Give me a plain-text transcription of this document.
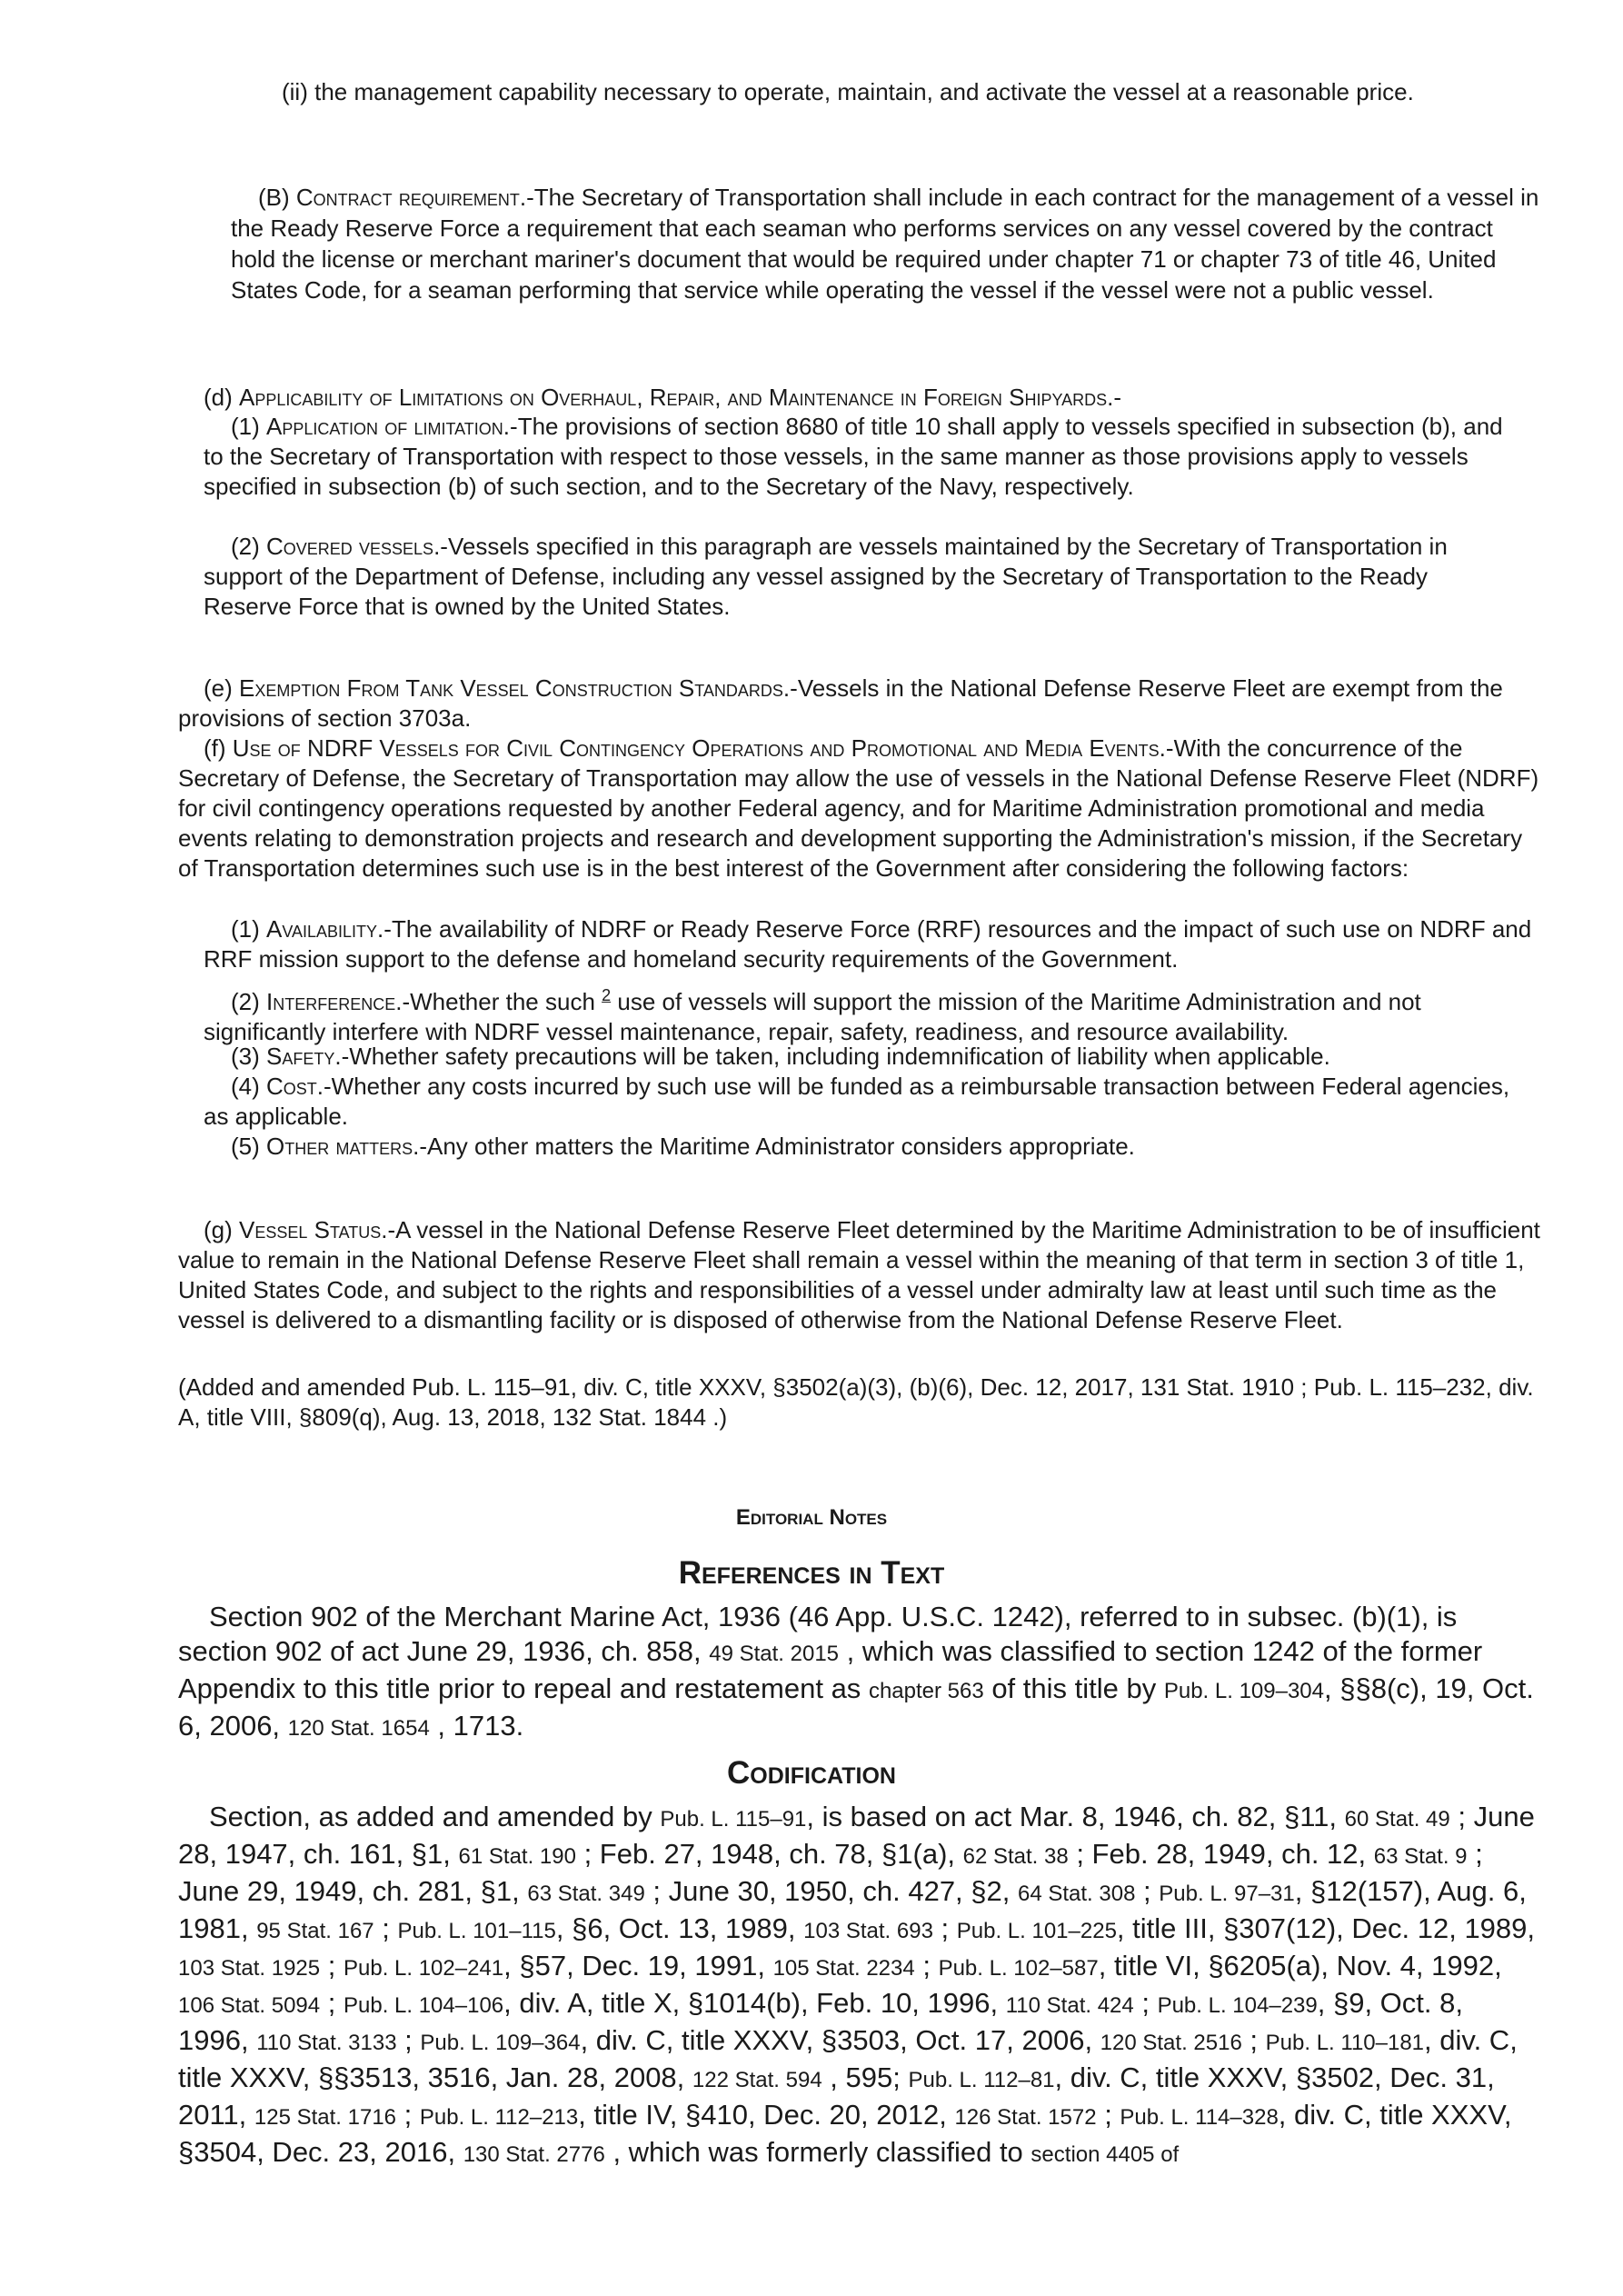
(ii) the management capability necessary to operate, maintain, and activate the vessel at a reasonable price.

(B) Contract requirement.-The Secretary of Transportation shall include in each contract for the management of a vessel in the Ready Reserve Force a requirement that each seaman who performs services on any vessel covered by the contract hold the license or merchant mariner's document that would be required under chapter 71 or chapter 73 of title 46, United States Code, for a seaman performing that service while operating the vessel if the vessel were not a public vessel.

(d) Applicability of Limitations on Overhaul, Repair, and Maintenance in Foreign Shipyards.-

(1) Application of limitation.-The provisions of section 8680 of title 10 shall apply to vessels specified in subsection (b), and to the Secretary of Transportation with respect to those vessels, in the same manner as those provisions apply to vessels specified in subsection (b) of such section, and to the Secretary of the Navy, respectively.

(2) Covered vessels.-Vessels specified in this paragraph are vessels maintained by the Secretary of Transportation in support of the Department of Defense, including any vessel assigned by the Secretary of Transportation to the Ready Reserve Force that is owned by the United States.

(e) Exemption From Tank Vessel Construction Standards.-Vessels in the National Defense Reserve Fleet are exempt from the provisions of section 3703a.

(f) Use of NDRF Vessels for Civil Contingency Operations and Promotional and Media Events.-With the concurrence of the Secretary of Defense, the Secretary of Transportation may allow the use of vessels in the National Defense Reserve Fleet (NDRF) for civil contingency operations requested by another Federal agency, and for Maritime Administration promotional and media events relating to demonstration projects and research and development supporting the Administration's mission, if the Secretary of Transportation determines such use is in the best interest of the Government after considering the following factors:

(1) Availability.-The availability of NDRF or Ready Reserve Force (RRF) resources and the impact of such use on NDRF and RRF mission support to the defense and homeland security requirements of the Government.

(2) Interference.-Whether the such $^2$ use of vessels will support the mission of the Maritime Administration and not significantly interfere with NDRF vessel maintenance, repair, safety, readiness, and resource availability.

(3) Safety.-Whether safety precautions will be taken, including indemnification of liability when applicable.

(4) Cost.-Whether any costs incurred by such use will be funded as a reimbursable transaction between Federal agencies, as applicable.

(5) Other matters.-Any other matters the Maritime Administrator considers appropriate.

(g) Vessel Status.-A vessel in the National Defense Reserve Fleet determined by the Maritime Administration to be of insufficient value to remain in the National Defense Reserve Fleet shall remain a vessel within the meaning of that term in section 3 of title 1, United States Code, and subject to the rights and responsibilities of a vessel under admiralty law at least until such time as the vessel is delivered to a dismantling facility or is disposed of otherwise from the National Defense Reserve Fleet.

(Added and amended Pub. L. 115–91, div. C, title XXXV, §3502(a)(3), (b)(6), Dec. 12, 2017, 131 Stat. 1910 ; Pub. L. 115–232, div. A, title VIII, §809(q), Aug. 13, 2018, 132 Stat. 1844 .)

Editorial Notes

References in Text

Section 902 of the Merchant Marine Act, 1936 (46 App. U.S.C. 1242), referred to in subsec. (b)(1), is section 902 of act June 29, 1936, ch. 858, 49 Stat. 2015 , which was classified to section 1242 of the former Appendix to this title prior to repeal and restatement as chapter 563 of this title by Pub. L. 109–304, §§8(c), 19, Oct. 6, 2006, 120 Stat. 1654 , 1713.

Codification

Section, as added and amended by Pub. L. 115–91, is based on act Mar. 8, 1946, ch. 82, §11, 60 Stat. 49 ; June 28, 1947, ch. 161, §1, 61 Stat. 190 ; Feb. 27, 1948, ch. 78, §1(a), 62 Stat. 38 ; Feb. 28, 1949, ch. 12, 63 Stat. 9 ; June 29, 1949, ch. 281, §1, 63 Stat. 349 ; June 30, 1950, ch. 427, §2, 64 Stat. 308 ; Pub. L. 97–31, §12(157), Aug. 6, 1981, 95 Stat. 167 ; Pub. L. 101–115, §6, Oct. 13, 1989, 103 Stat. 693 ; Pub. L. 101–225, title III, §307(12), Dec. 12, 1989, 103 Stat. 1925 ; Pub. L. 102–241, §57, Dec. 19, 1991, 105 Stat. 2234 ; Pub. L. 102–587, title VI, §6205(a), Nov. 4, 1992, 106 Stat. 5094 ; Pub. L. 104–106, div. A, title X, §1014(b), Feb. 10, 1996, 110 Stat. 424 ; Pub. L. 104–239, §9, Oct. 8, 1996, 110 Stat. 3133 ; Pub. L. 109–364, div. C, title XXXV, §3503, Oct. 17, 2006, 120 Stat. 2516 ; Pub. L. 110–181, div. C, title XXXV, §§3513, 3516, Jan. 28, 2008, 122 Stat. 594 , 595; Pub. L. 112–81, div. C, title XXXV, §3502, Dec. 31, 2011, 125 Stat. 1716 ; Pub. L. 112–213, title IV, §410, Dec. 20, 2012, 126 Stat. 1572 ; Pub. L. 114–328, div. C, title XXXV, §3504, Dec. 23, 2016, 130 Stat. 2776 , which was formerly classified to section 4405 of
